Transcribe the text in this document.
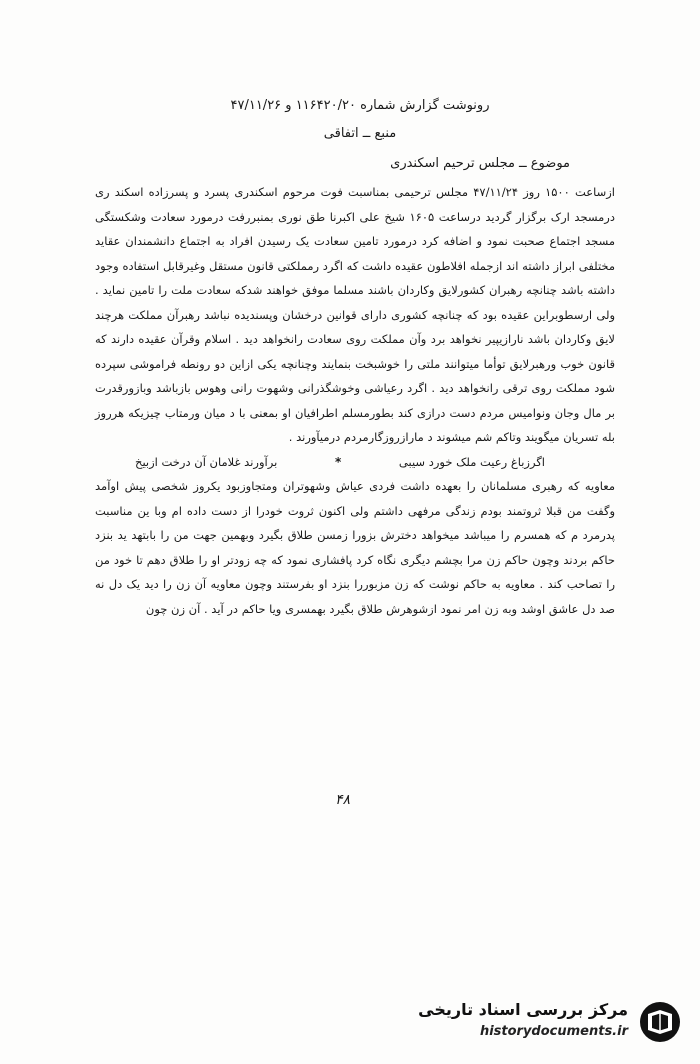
رونوشت گزارش شماره ۱۱۶۴۲۰/۲۰ و ۴۷/۱۱/۲۶
منبع ــ اتفاقی
موضوع ــ مجلس ترحیم اسکندری

ازساعت ۱۵۰۰ روز ۴۷/۱۱/۲۴ مجلس ترحیمی بمناسبت فوت مرحوم اسکندری پسرد و پسرزاده اسکند ری درمسجد ارک برگزار گردید درساعت ۱۶۰۵ شیخ علی اکبرنا طق نوری بمنبررفت درمورد سعادت وشکستگی مسجد اجتماع صحبت نمود و اضافه کرد درمورد تامین سعادت یک رسیدن افراد به اجتماع دانشمندان عقاید مختلفی ابراز داشته اند ازجمله افلاطون عقیده داشت که اگرد رمملکتی قانون مستقل وغیرقابل استفاده وجود داشته باشد چنانچه رهبران کشورلایق وکاردان باشند مسلما موفق خواهند شدکه سعادت ملت را تامین نماید . ولی ارسطوبراین عقیده بود که چنانچه کشوری دارای قوانین درخشان وپسندیده نباشد رهبرآن مملکت هرچند لایق وکاردان باشد نارازیپیر نخواهد برد وآن مملکت روی سعادت رانخواهد دید . اسلام وقرآن عقیده دارند که قانون خوب ورهبرلایق توأما میتوانند ملتی را خوشبخت بنمایند وچنانچه یکی ازاین دو رونطه فراموشی سپرده شود مملکت روی ترقی رانخواهد دید . اگرد رعیاشی وخوشگذرانی وشهوت رانی وهوس بازباشد وبازورقدرت بر مال وجان ونوامیس مردم دست درازی کند بطورمسلم اطرافیان او بمعنی با د میان ورمتاب چیزیکه هرروز بله تسریان میگویند وتاکم شم میشوند د مارازروزگارمردم درمیآورند .

اگرزباغ رعیت ملک خورد سیبی
*
برآورند غلامان آن درخت ازبیخ

معاویه که رهبری مسلمانان را بعهده داشت فردی عیاش وشهوتران ومتجاوزبود یکروز شخصی پیش اوآمد وگفت من قبلا ثروتمند بودم زندگی مرفهی داشتم ولی اکنون ثروت خودرا از دست داده ام وبا ین مناسبت پدرمرد م که همسرم را میباشد میخواهد دخترش بزورا زمسن طلاق بگیرد وبهمین جهت من را بابتهد ید بنزد حاکم بردند وچون حاکم زن مرا بچشم دیگری نگاه کرد پافشاری نمود که چه زودتر او را طلاق دهم تا خود من را تصاحب کند . معاویه به حاکم نوشت که زن مزبوررا بنزد او بفرستند وچون معاویه آن زن را دید یک دل نه صد دل عاشق اوشد وبه زن امر نمود ازشوهرش طلاق بگیرد بهمسری ویا حاکم در آید . آن زن چون

۴۸
مرکز بررسی اسناد تاریخی
historydocuments.ir
